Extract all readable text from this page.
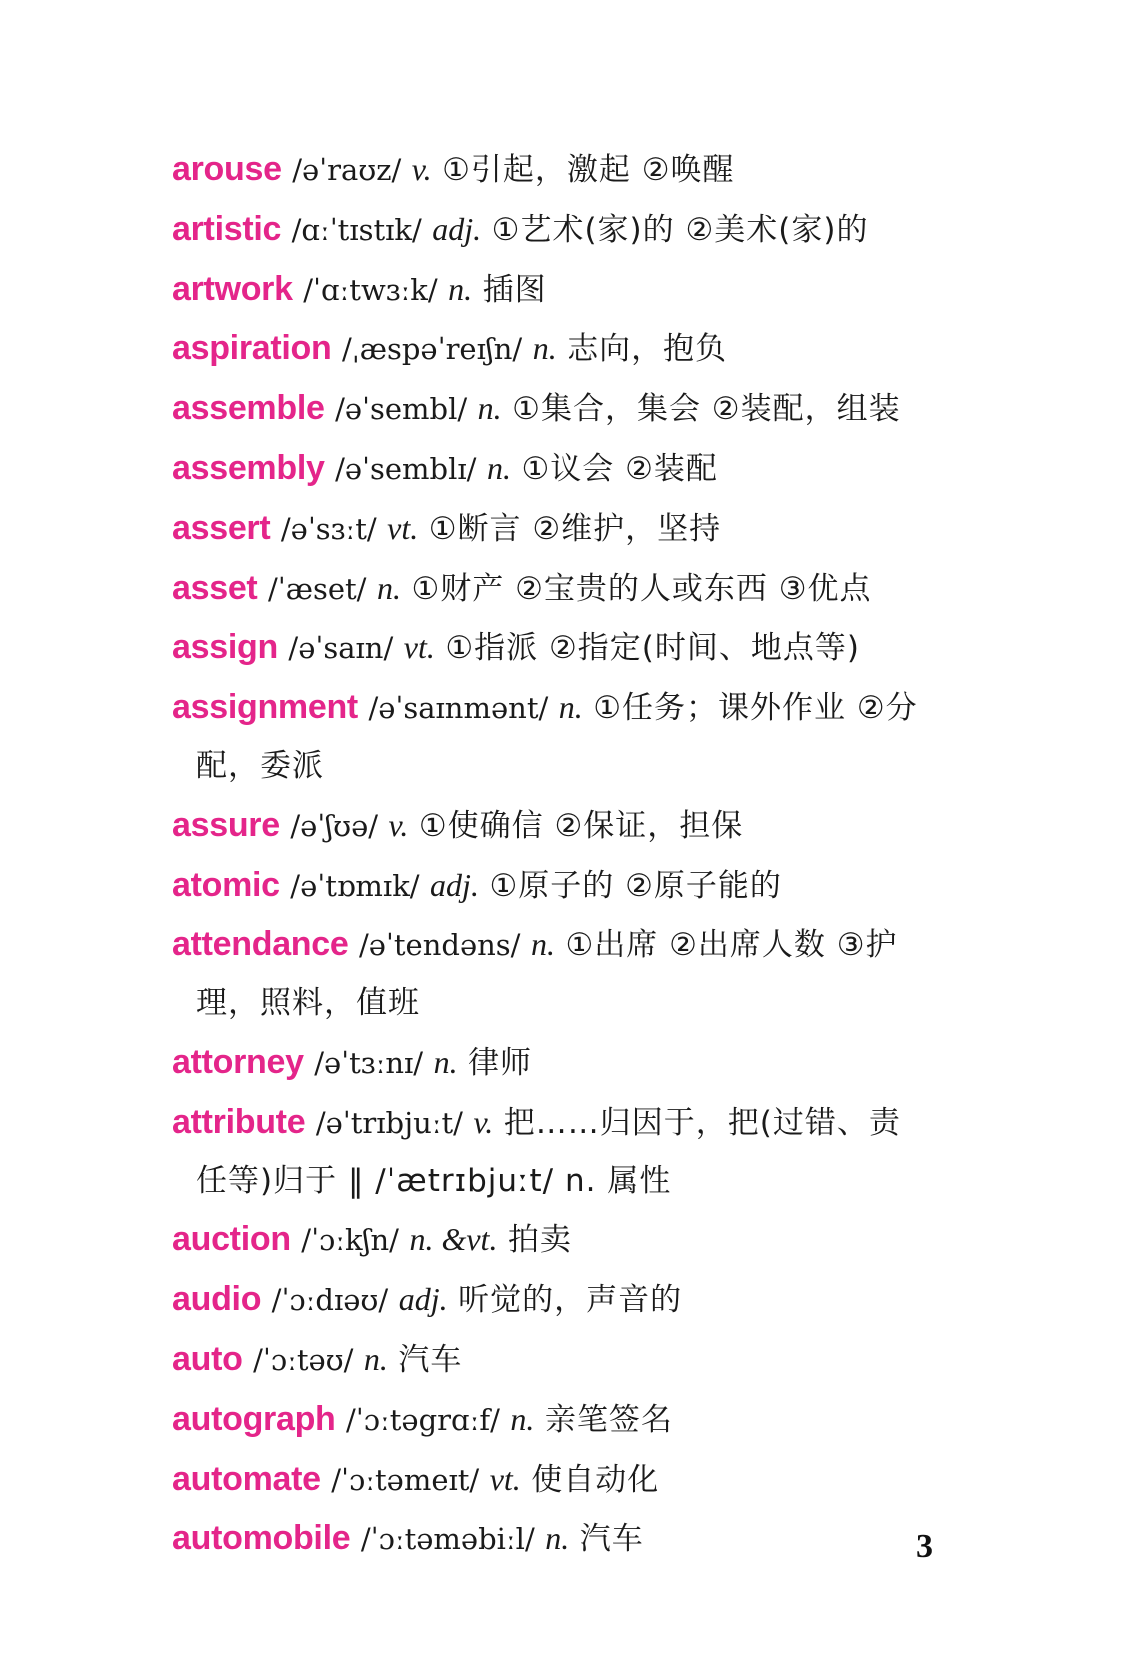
arouse /əˈraʊz/ v. ①引起，激起 ②唤醒
artistic /ɑːˈtɪstɪk/ adj. ①艺术(家)的 ②美术(家)的
artwork /ˈɑːtwɜːk/ n. 插图
aspiration /ˌæspəˈreɪʃn/ n. 志向，抱负
assemble /əˈsembl/ n. ①集合，集会 ②装配，组装
assembly /əˈsemblɪ/ n. ①议会 ②装配
assert /əˈsɜːt/ vt. ①断言 ②维护，坚持
asset /ˈæset/ n. ①财产 ②宝贵的人或东西 ③优点
assign /əˈsaɪn/ vt. ①指派 ②指定(时间、地点等)
assignment /əˈsaɪnmənt/ n. ①任务；课外作业 ②分
配，委派
assure /əˈʃʊə/ v. ①使确信 ②保证，担保
atomic /əˈtɒmɪk/ adj. ①原子的 ②原子能的
attendance /əˈtendəns/ n. ①出席 ②出席人数 ③护
理，照料，值班
attorney /əˈtɜːnɪ/ n. 律师
attribute /əˈtrɪbjuːt/ v. 把……归因于，把(过错、责
任等)归于 ‖ /ˈætrɪbjuːt/ n. 属性
auction /ˈɔːkʃn/ n. &vt. 拍卖
audio /ˈɔːdɪəʊ/ adj. 听觉的，声音的
auto /ˈɔːtəʊ/ n. 汽车
autograph /ˈɔːtəgrɑːf/ n. 亲笔签名
automate /ˈɔːtəmeɪt/ vt. 使自动化
automobile /ˈɔːtəməbiːl/ n. 汽车	3
